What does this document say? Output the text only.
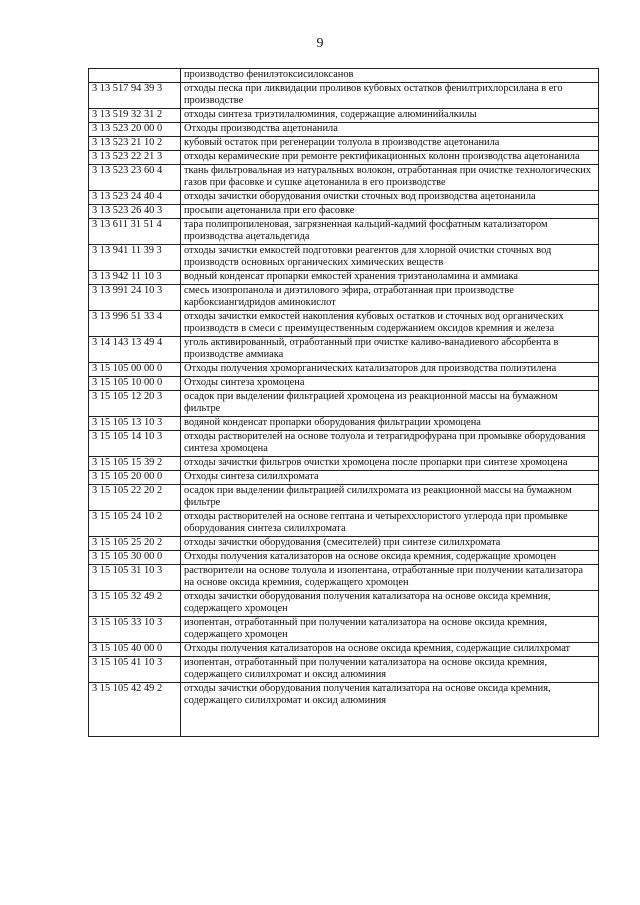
9
	производство фенилэтоксисилоксанов
3 13 517 94 39 3	отходы песка при ликвидации проливов кубовых остатков фенилтрихлорсилана в его производстве
3 13 519 32 31 2	отходы синтеза триэтилалюминия, содержащие алюминийалкилы
3 13 523 20 00 0	Отходы производства ацетонанила
3 13 523 21 10 2	кубовый остаток при регенерации толуола в производстве ацетонанила
3 13 523 22 21 3	отходы керамические при ремонте ректификационных колонн производства ацетонанила
3 13 523 23 60 4	ткань фильтровальная из натуральных волокон, отработанная при очистке технологических газов при фасовке и сушке ацетонанила в его производстве
3 13 523 24 40 4	отходы зачистки оборудования очистки сточных вод производства ацетонанила
3 13 523 26 40 3	просыпи ацетонанила при его фасовке
3 13 611 31 51 4	тара полипропиленовая, загрязненная кальций-кадмий фосфатным катализатором производства ацетальдегида
3 13 941 11 39 3	отходы зачистки емкостей подготовки реагентов для хлорной очистки сточных вод производств основных органических химических веществ
3 13 942 11 10 3	водный конденсат пропарки емкостей хранения триэтаноламина и аммиака
3 13 991 24 10 3	смесь изопропанола и диэтилового эфира, отработанная при производстве карбоксиангидридов аминокислот
3 13 996 51 33 4	отходы зачистки емкостей накопления кубовых остатков и сточных вод органических производств в смеси с преимущественным содержанием оксидов кремния и железа
3 14 143 13 49 4	уголь активированный, отработанный при очистке каливо-ванадиевого абсорбента в производстве аммиака
3 15 105 00 00 0	Отходы получения хроморганических катализаторов для производства полиэтилена
3 15 105 10 00 0	Отходы синтеза хромоцена
3 15 105 12 20 3	осадок при выделении фильтрацией хромоцена из реакционной массы на бумажном фильтре
3 15 105 13 10 3	водяной конденсат пропарки оборудования фильтрации хромоцена
3 15 105 14 10 3	отходы растворителей на основе толуола и тетрагидрофурана при промывке оборудования синтеза хромоцена
3 15 105 15 39 2	отходы зачистки фильтров очистки хромоцена после пропарки при синтезе хромоцена
3 15 105 20 00 0	Отходы синтеза силилхромата
3 15 105 22 20 2	осадок при выделении фильтрацией силилхромата из реакционной массы на бумажном фильтре
3 15 105 24 10 2	отходы растворителей на основе гептана и четыреххлористого углерода при промывке оборудования синтеза силилхромата
3 15 105 25 20 2	отходы зачистки оборудования (смесителей) при синтезе силилхромата
3 15 105 30 00 0	Отходы получения катализаторов на основе оксида кремния, содержащие хромоцен
3 15 105 31 10 3	растворители на основе толуола и изопентана, отработанные при получении катализатора на основе оксида кремния, содержащего хромоцен
3 15 105 32 49 2	отходы зачистки оборудования получения катализатора на основе оксида кремния, содержащего хромоцен
3 15 105 33 10 3	изопентан, отработанный при получении катализатора на основе оксида кремния, содержащего хромоцен
3 15 105 40 00 0	Отходы получения катализаторов на основе оксида кремния, содержащие силилхромат
3 15 105 41 10 3	изопентан, отработанный при получении катализатора на основе оксида кремния, содержащего силилхромат и оксид алюминия
3 15 105 42 49 2	отходы зачистки оборудования получения катализатора на основе оксида кремния, содержащего силилхромат и оксид алюминия
